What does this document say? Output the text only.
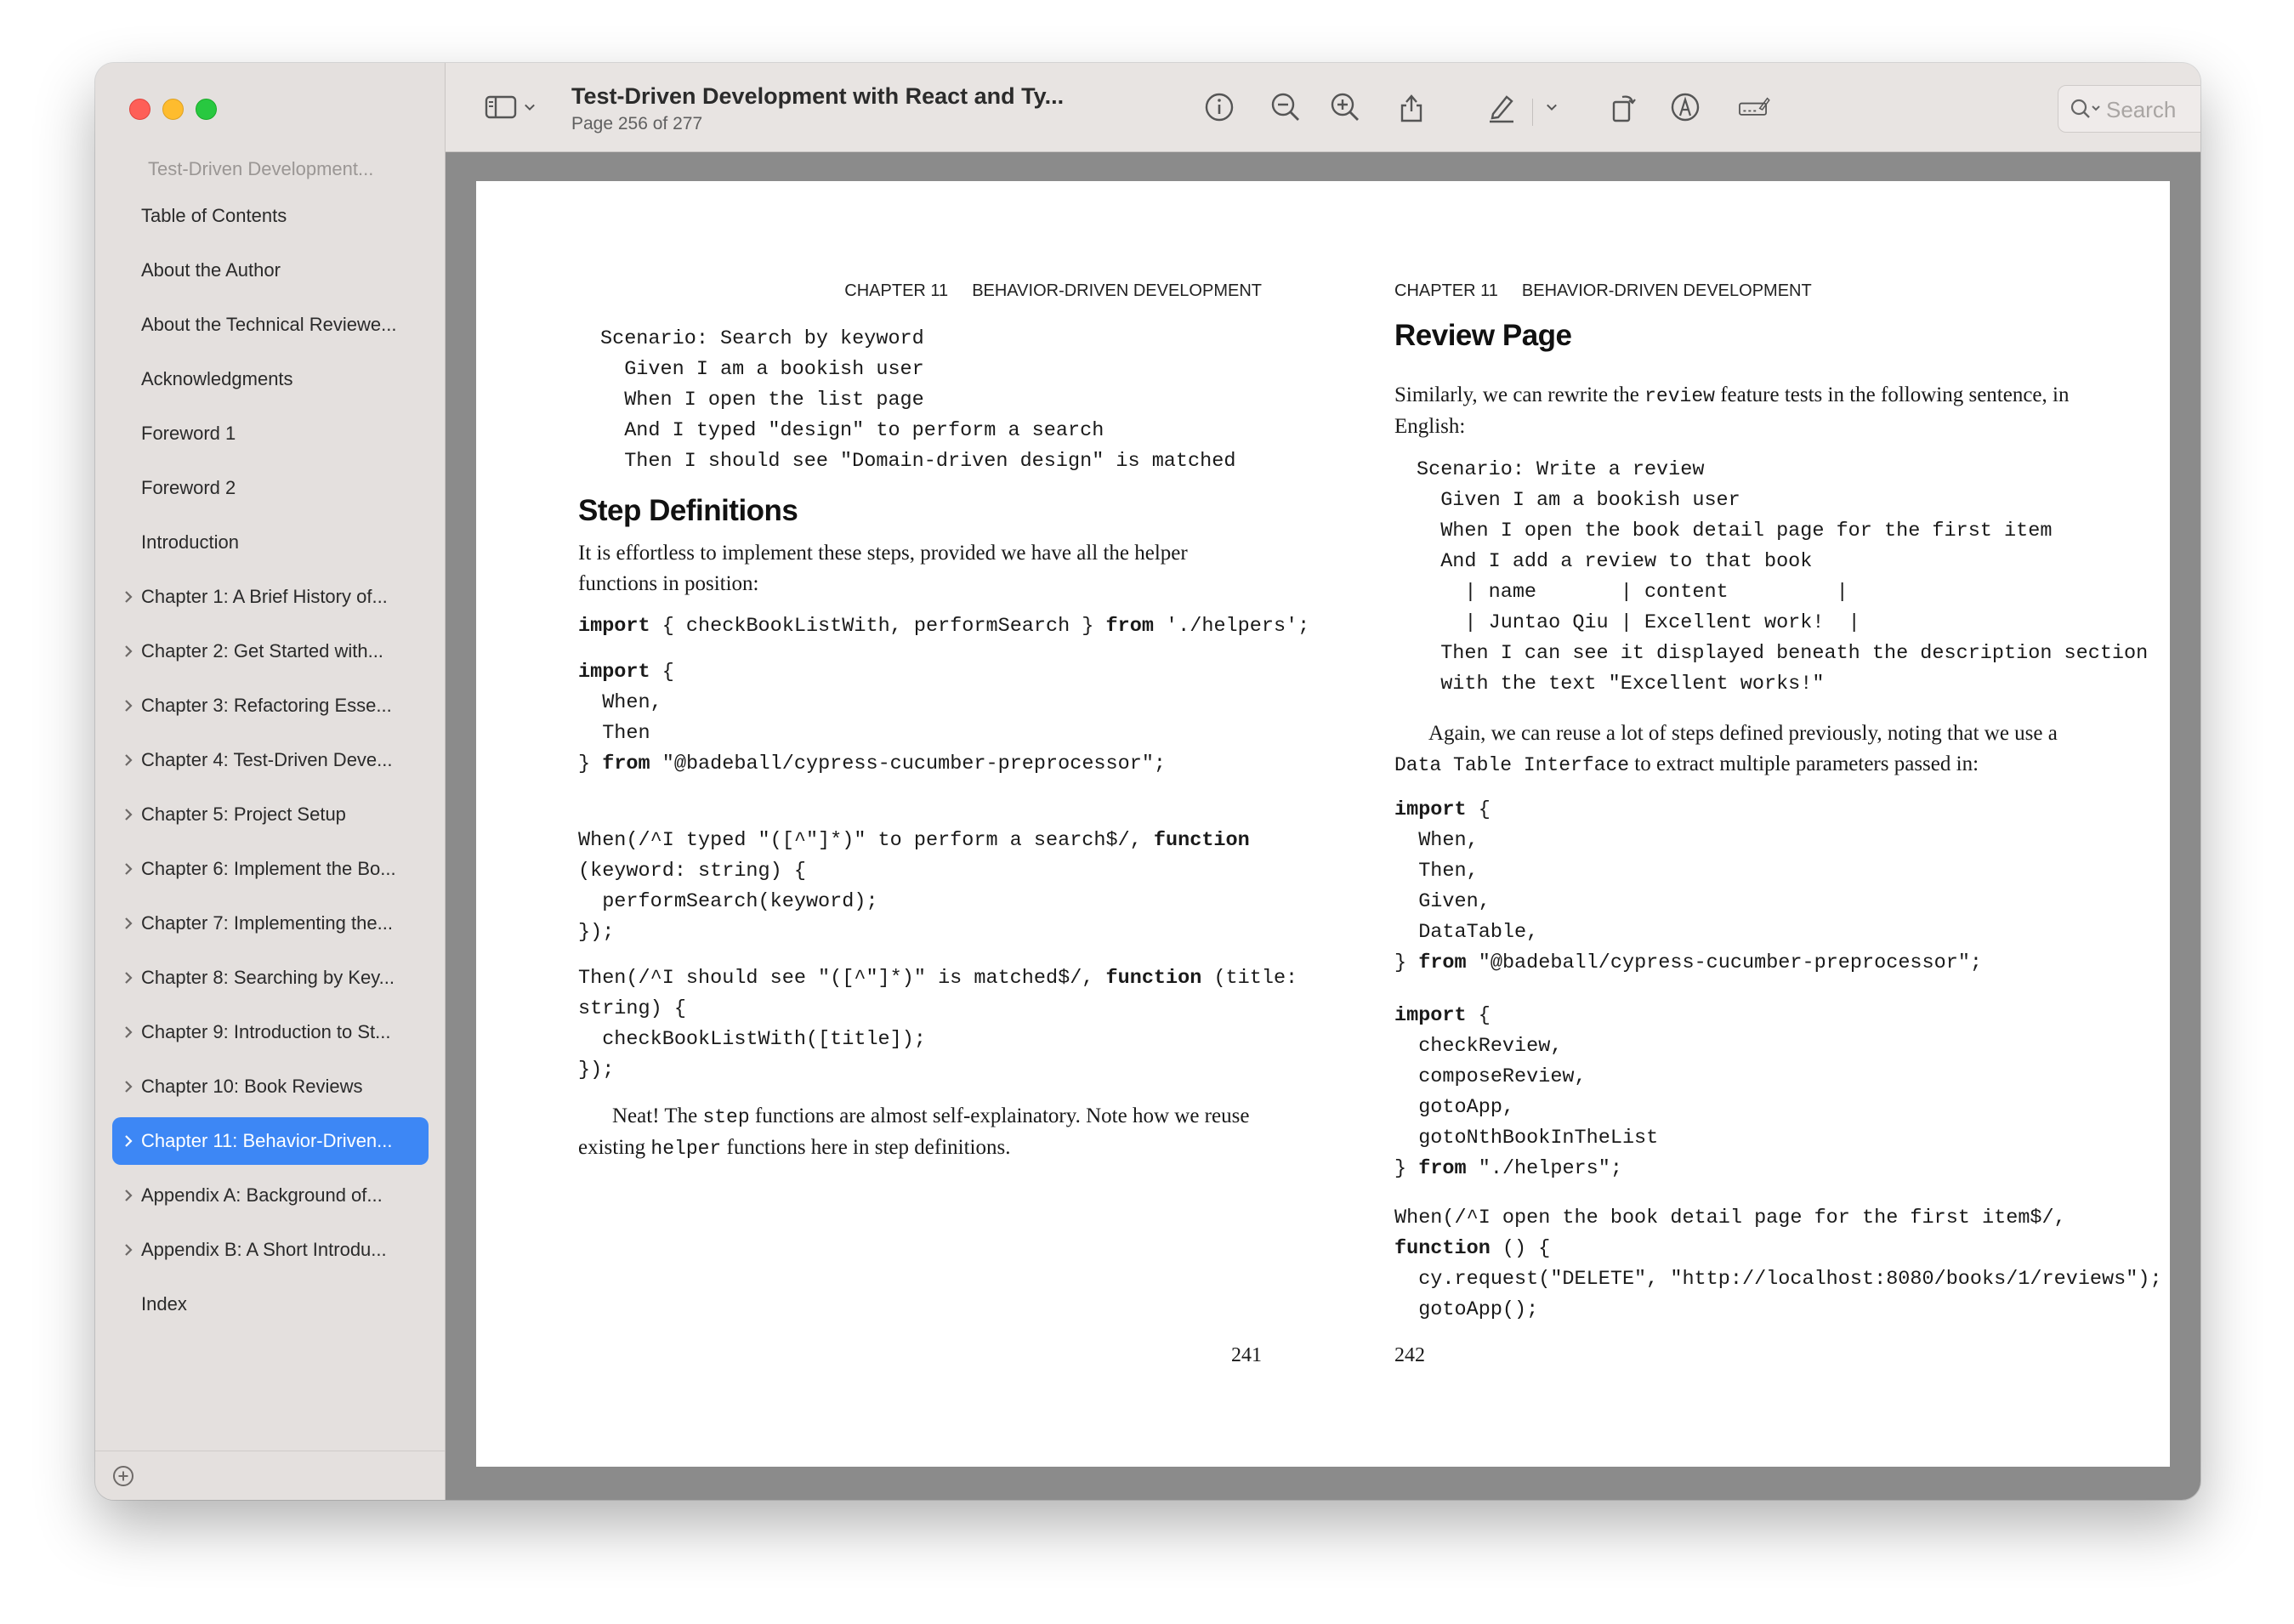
Test-Driven Development...
Table of Contents
About the Author
About the Technical Reviewe...
Acknowledgments
Foreword 1
Foreword 2
Introduction
Chapter 1: A Brief History of...
Chapter 2: Get Started with...
Chapter 3: Refactoring Esse...
Chapter 4: Test-Driven Deve...
Chapter 5: Project Setup
Chapter 6: Implement the Bo...
Chapter 7: Implementing the...
Chapter 8: Searching by Key...
Chapter 9: Introduction to St...
Chapter 10: Book Reviews
Chapter 11: Behavior-Driven...
Appendix A: Background of...
Appendix B: A Short Introdu...
Index
Test-Driven Development with React and Ty...
Page 256 of 277
Search
CHAPTER 11 BEHAVIOR-DRIVEN DEVELOPMENT
Scenario: Search by keyword
Given I am a bookish user
When I open the list page
And I typed "design" to perform a search
Then I should see "Domain-driven design" is matched
Step Definitions
It is effortless to implement these steps, provided we have all the helper functions in position:
import { checkBookListWith, performSearch } from './helpers';
import {
When,
Then
} from "@badeball/cypress-cucumber-preprocessor";
When(/^I typed "([^"]*)" to perform a search$/, function
(keyword: string) {
performSearch(keyword);
});
Then(/^I should see "([^"]*)" is matched$/, function (title:
string) {
checkBookListWith([title]);
});
Neat! The step functions are almost self-explainatory. Note how we reuse existing helper functions here in step definitions.
241
CHAPTER 11 BEHAVIOR-DRIVEN DEVELOPMENT
Review Page
Similarly, we can rewrite the review feature tests in the following sentence, in English:
Scenario: Write a review
Given I am a bookish user
When I open the book detail page for the first item
And I add a review to that book
| name       | content         |
| Juntao Qiu | Excellent work!  |
Then I can see it displayed beneath the description section
with the text "Excellent works!"
Again, we can reuse a lot of steps defined previously, noting that we use a Data Table Interface to extract multiple parameters passed in:
import {
When,
Then,
Given,
DataTable,
} from "@badeball/cypress-cucumber-preprocessor";
import {
checkReview,
composeReview,
gotoApp,
gotoNthBookInTheList
} from "./helpers";
When(/^I open the book detail page for the first item$/,
function () {
cy.request("DELETE", "http://localhost:8080/books/1/reviews");
gotoApp();
242
